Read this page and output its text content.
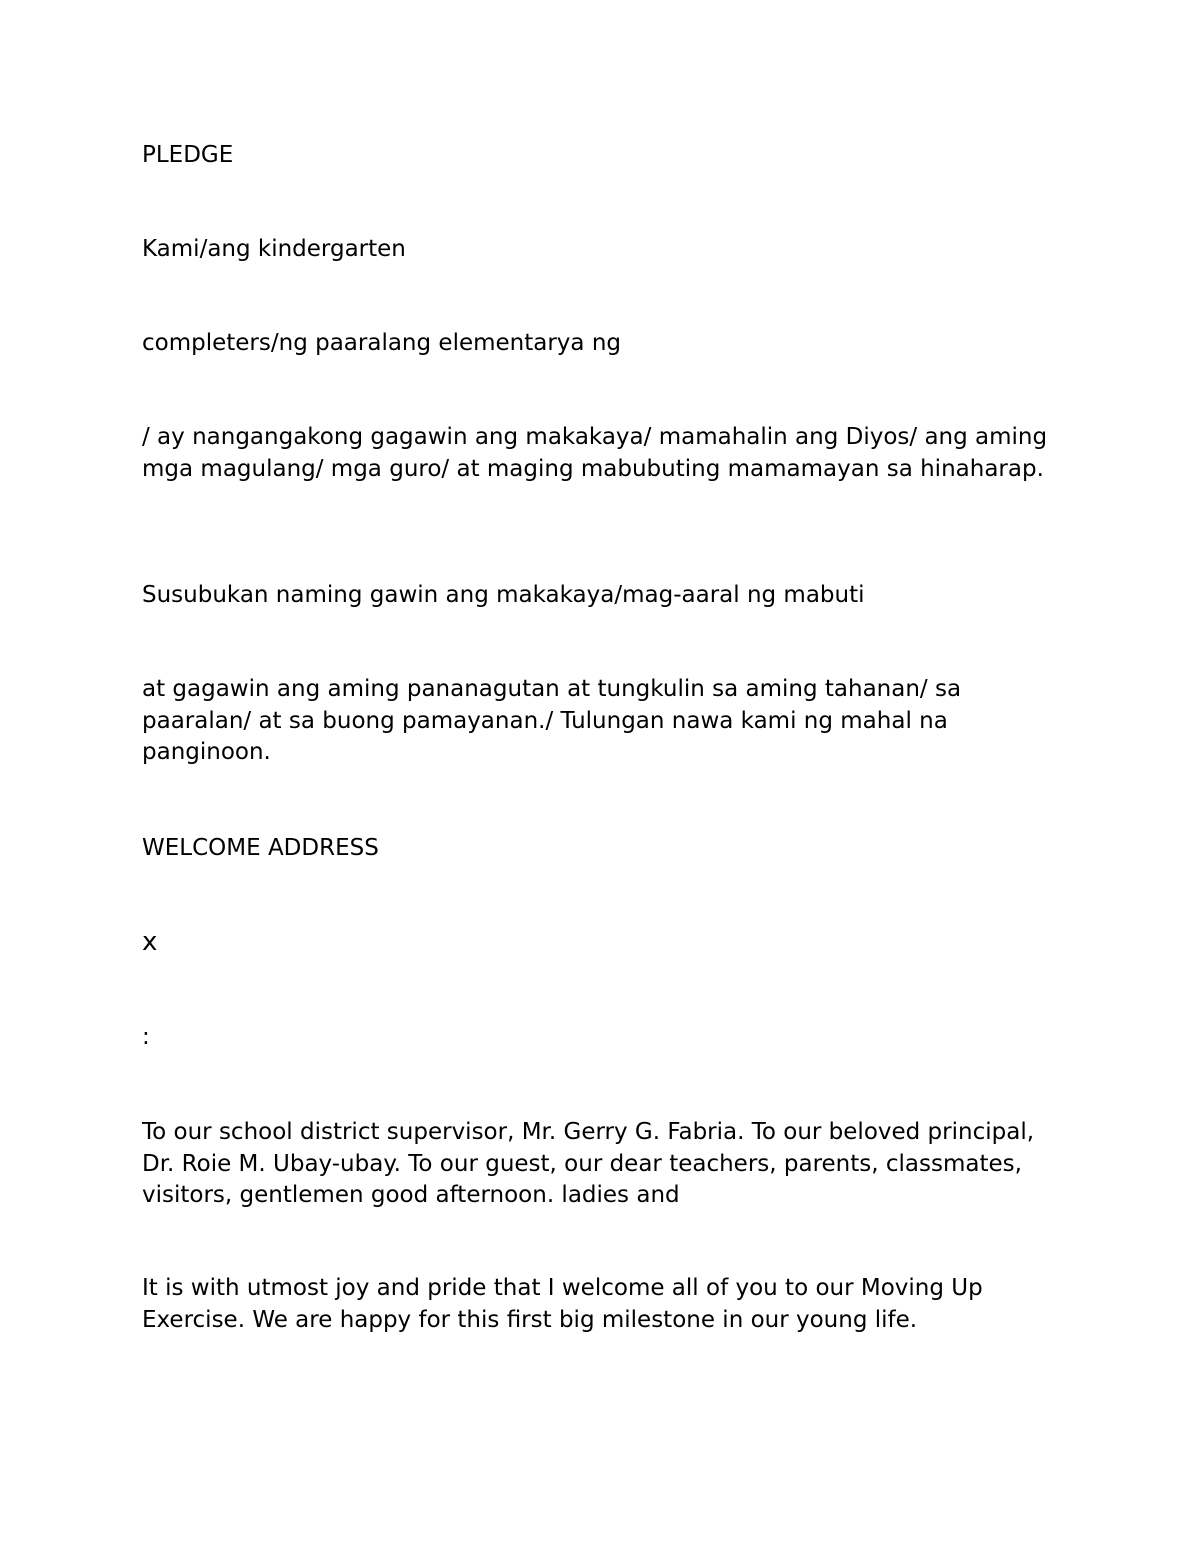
PLEDGE

Kami/ang kindergarten

completers/ng paaralang elementarya ng

/ ay nangangakong gagawin ang makakaya/ mamahalin ang Diyos/ ang aming mga magulang/ mga guro/ at maging mabubuting mamamayan sa hinaharap.

Susubukan naming gawin ang makakaya/mag-aaral ng mabuti

at gagawin ang aming pananagutan at tungkulin sa aming tahanan/ sa paaralan/ at sa buong pamayanan./ Tulungan nawa kami ng mahal na panginoon.

WELCOME ADDRESS

x

:

To our school district supervisor, Mr. Gerry G. Fabria. To our beloved principal, Dr. Roie M. Ubay-ubay. To our guest, our dear teachers, parents, classmates, visitors, gentlemen good afternoon. ladies and

It is with utmost joy and pride that I welcome all of you to our Moving Up Exercise. We are happy for this first big milestone in our young life.
